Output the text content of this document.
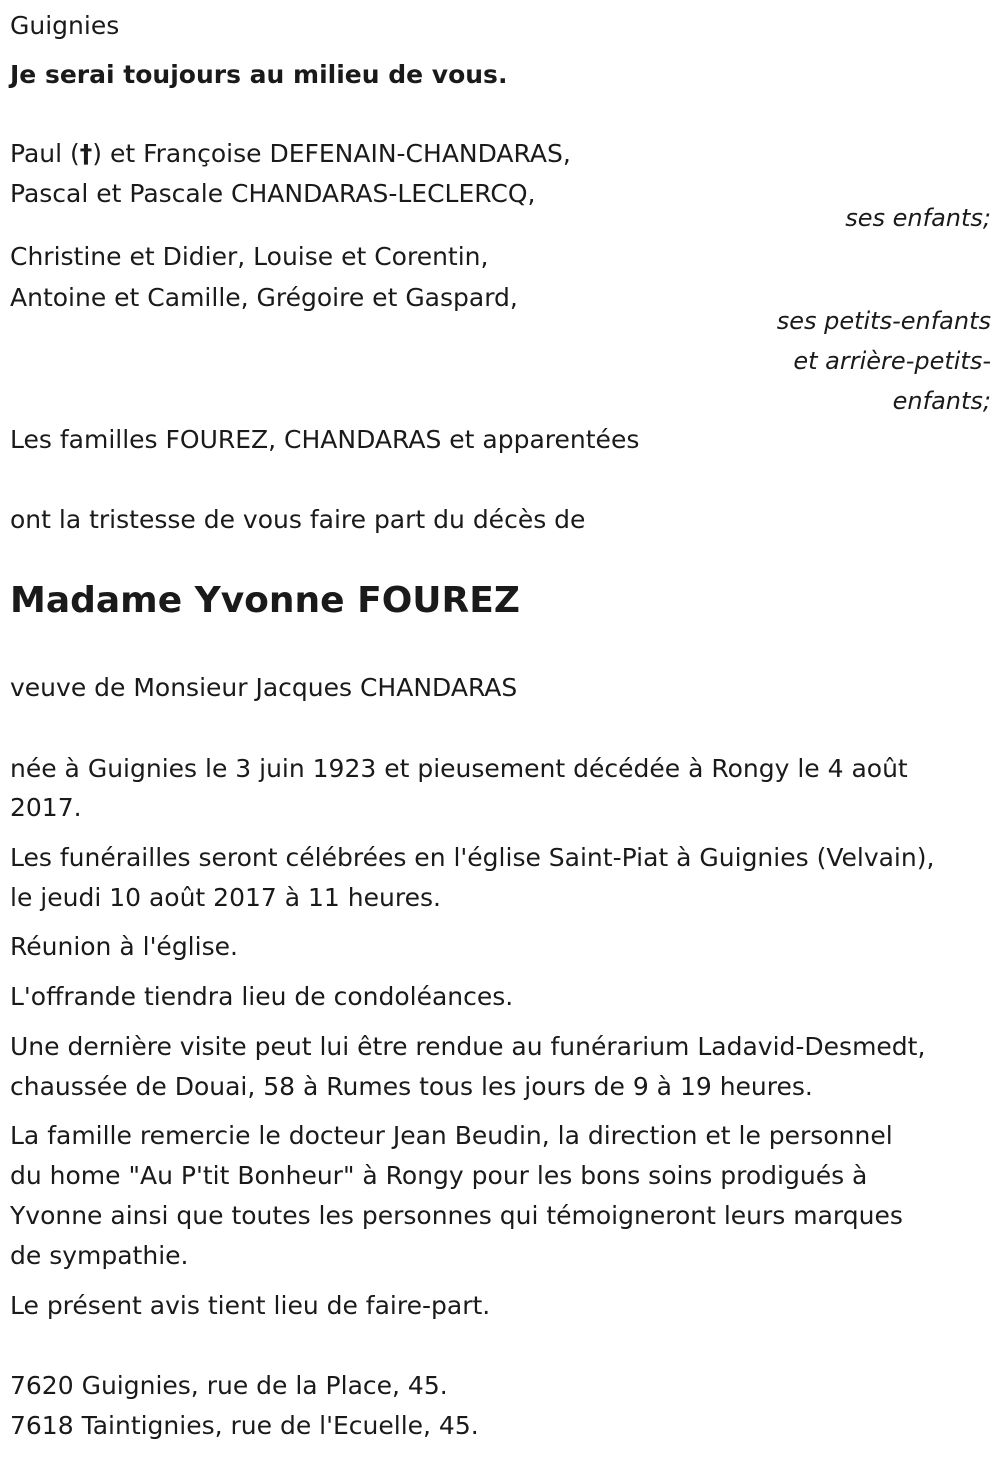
Guignies
Je serai toujours au milieu de vous.
Paul (†) et Françoise DEFENAIN-CHANDARAS,
Pascal et Pascale CHANDARAS-LECLERCQ,
ses enfants;
Christine et Didier, Louise et Corentin,
Antoine et Camille, Grégoire et Gaspard,
ses petits-enfants
et arrière-petits-
enfants;
Les familles FOUREZ, CHANDARAS et apparentées
ont la tristesse de vous faire part du décès de
Madame Yvonne FOUREZ
veuve de Monsieur Jacques CHANDARAS
née à Guignies le 3 juin 1923 et pieusement décédée à Rongy le 4 août
2017.
Les funérailles seront célébrées en l'église Saint-Piat à Guignies (Velvain),
le jeudi 10 août 2017 à 11 heures.
Réunion à l'église.
L'offrande tiendra lieu de condoléances.
Une dernière visite peut lui être rendue au funérarium Ladavid-Desmedt,
chaussée de Douai, 58 à Rumes tous les jours de 9 à 19 heures.
La famille remercie le docteur Jean Beudin, la direction et le personnel
du home "Au P'tit Bonheur" à Rongy pour les bons soins prodigués à
Yvonne ainsi que toutes les personnes qui témoigneront leurs marques
de sympathie.
Le présent avis tient lieu de faire-part.
7620 Guignies, rue de la Place, 45.
7618 Taintignies, rue de l'Ecuelle, 45.
